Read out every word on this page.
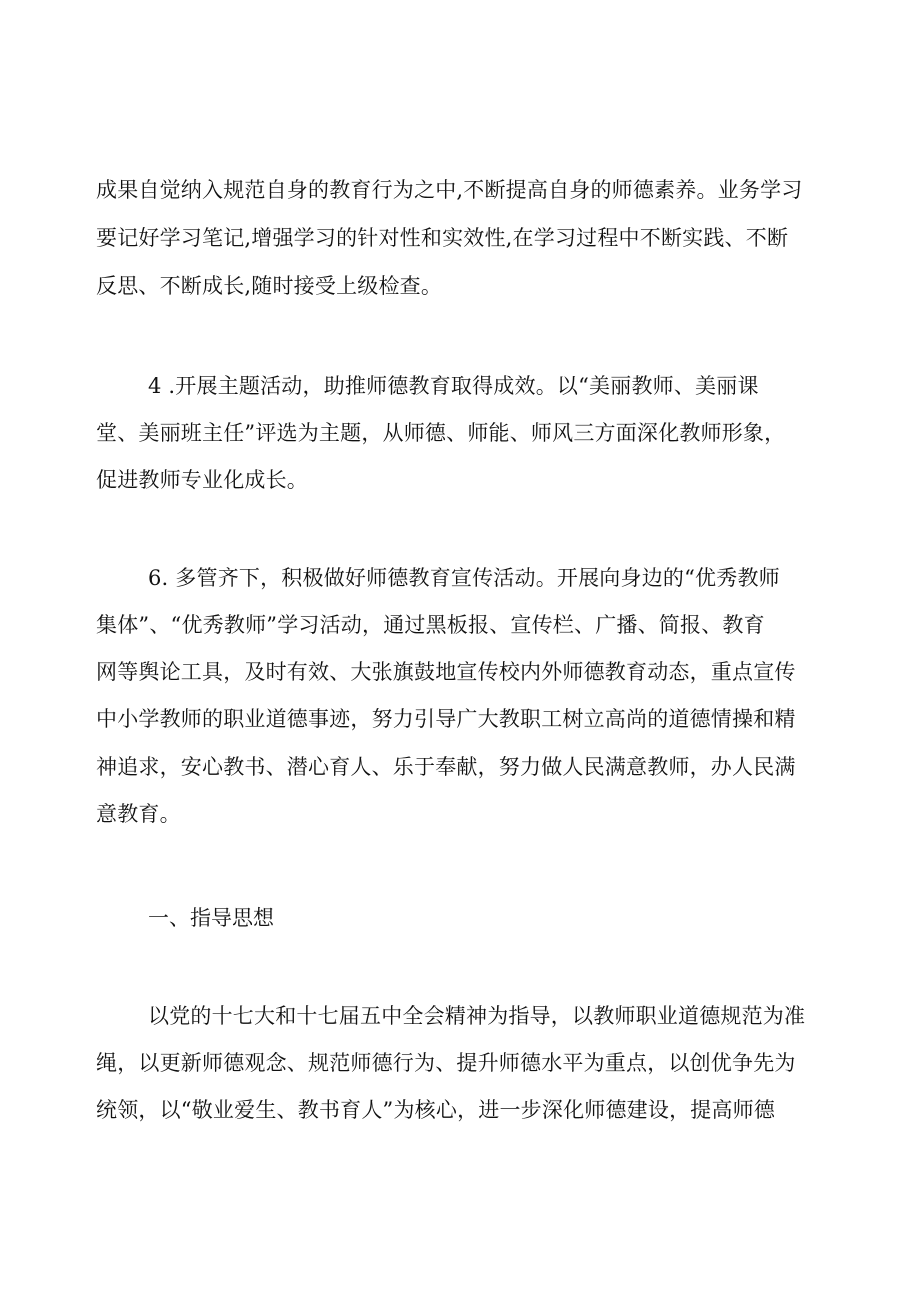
成果自觉纳入规范自身的教育行为之中,不断提高自身的师德素养。业务学习
要记好学习笔记,增强学习的针对性和实效性,在学习过程中不断实践、不断
反思、不断成长,随时接受上级检查。
4 .开展主题活动，助推师德教育取得成效。以“美丽教师、美丽课
堂、美丽班主任”评选为主题，从师德、师能、师风三方面深化教师形象，
促进教师专业化成长。
6. 多管齐下，积极做好师德教育宣传活动。开展向身边的“优秀教师
集体”、“优秀教师”学习活动，通过黑板报、宣传栏、广播、简报、教育
网等舆论工具，及时有效、大张旗鼓地宣传校内外师德教育动态，重点宣传
中小学教师的职业道德事迹，努力引导广大教职工树立高尚的道德情操和精
神追求，安心教书、潜心育人、乐于奉献，努力做人民满意教师，办人民满
意教育。
一、指导思想
以党的十七大和十七届五中全会精神为指导，以教师职业道德规范为准
绳，以更新师德观念、规范师德行为、提升师德水平为重点，以创优争先为
统领，以“敬业爱生、教书育人”为核心，进一步深化师德建设，提高师德
